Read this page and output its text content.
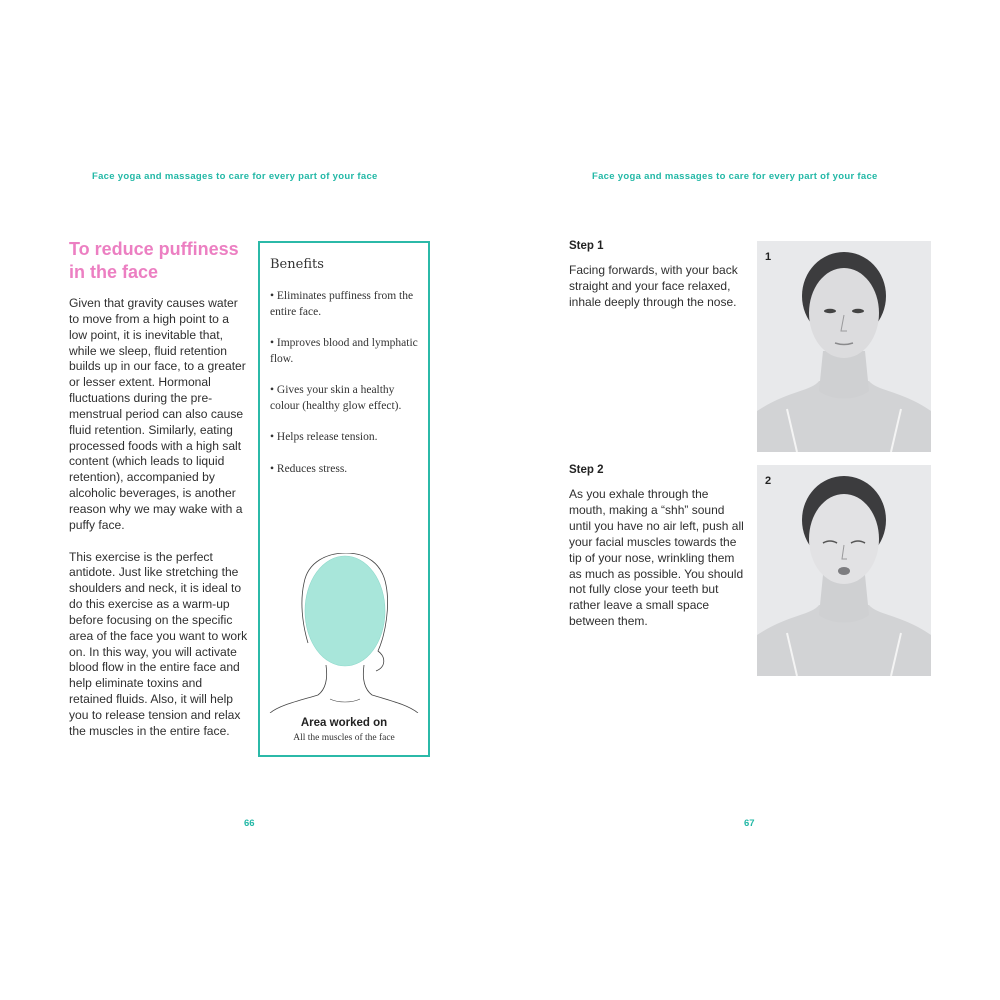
Face yoga and massages to care for every part of your face
To reduce puffiness
in the face

Given that gravity causes water to move from a high point to a low point, it is inevitable that, while we sleep, fluid retention builds up in our face, to a greater or lesser extent. Hormonal fluctuations during the pre-menstrual period can also cause fluid retention. Similarly, eating processed foods with a high salt content (which leads to liquid retention), accompanied by alcoholic beverages, is another reason why we may wake with a puffy face.

This exercise is the perfect antidote. Just like stretching the shoulders and neck, it is ideal to do this exercise as a warm-up before focusing on the specific area of the face you want to work on. In this way, you will activate blood flow in the entire face and help eliminate toxins and retained fluids. Also, it will help you to release tension and relax the muscles in the entire face.

Benefits
• Eliminates puffiness from the entire face.
• Improves blood and lymphatic flow.
• Gives your skin a healthy colour (healthy glow effect).
• Helps release tension.
• Reduces stress.
Area worked on
All the muscles of the face
66
Face yoga and massages to care for every part of your face
Step 1

Facing forwards, with your back straight and your face relaxed, inhale deeply through the nose.

1
Step 2

As you exhale through the mouth, making a “shh” sound until you have no air left, push all your facial muscles towards the tip of your nose, wrinkling them as much as possible. You should not fully close your teeth but rather leave a small space between them.

2
67
